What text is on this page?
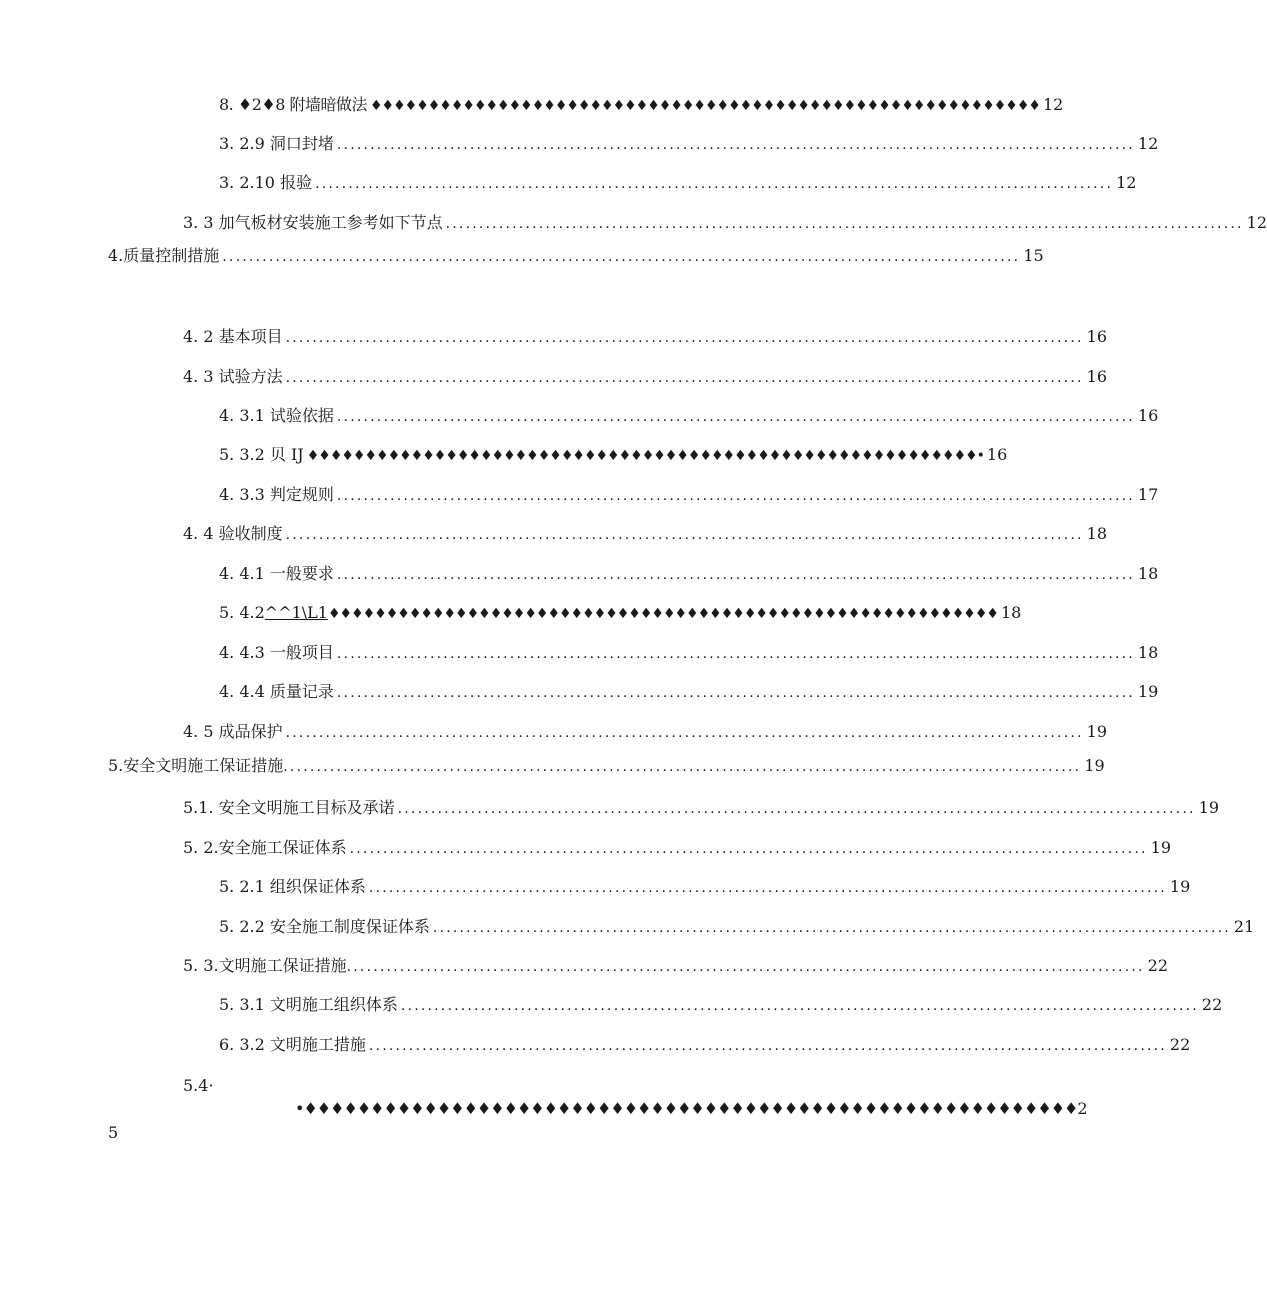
8. ♦2♦8 附墙暗做法 ♦♦♦♦♦♦♦♦♦♦♦♦♦♦♦♦♦♦♦♦♦♦♦♦♦♦♦♦♦♦♦♦♦♦♦♦♦♦♦♦♦♦♦♦♦♦♦♦♦♦♦♦♦♦♦♦♦♦ 12
3. 2.9 洞口封堵 ........................................................................................................................ 12
3. 2.10 报验 ........................................................................................................................ 12
3. 3 加气板材安装施工参考如下节点 ........................................................................................................................ 12
4.质量控制措施 ........................................................................................................................ 15
4. 2 基本项目 ........................................................................................................................ 16
4. 3 试验方法 ........................................................................................................................ 16
4. 3.1 试验依据 ........................................................................................................................ 16
5. 3.2 贝 IJ ♦♦♦♦♦♦♦♦♦♦♦♦♦♦♦♦♦♦♦♦♦♦♦♦♦♦♦♦♦♦♦♦♦♦♦♦♦♦♦♦♦♦♦♦♦♦♦♦♦♦♦♦♦♦♦♦♦♦• 16
4. 3.3 判定规则 ........................................................................................................................ 17
4. 4 验收制度 ........................................................................................................................ 18
4. 4.1 一般要求 ........................................................................................................................ 18
5. 4.2 ^^1\L1 ♦♦♦♦♦♦♦♦♦♦♦♦♦♦♦♦♦♦♦♦♦♦♦♦♦♦♦♦♦♦♦♦♦♦♦♦♦♦♦♦♦♦♦♦♦♦♦♦♦♦♦♦♦♦♦♦♦♦ 18
4. 4.3 一般项目 ........................................................................................................................ 18
4. 4.4 质量记录 ........................................................................................................................ 19
4. 5 成品保护 ........................................................................................................................ 19
5.安全文明施工保证措施 ........................................................................................................................ 19
5.1. 安全文明施工目标及承诺 ........................................................................................................................ 19
5. 2.安全施工保证体系 ........................................................................................................................ 19
5. 2.1 组织保证体系 ........................................................................................................................ 19
5. 2.2 安全施工制度保证体系 ........................................................................................................................ 21
5. 3.文明施工保证措施 ........................................................................................................................ 22
5. 3.1 文明施工组织体系 ........................................................................................................................ 22
6. 3.2 文明施工措施 ........................................................................................................................ 22
5.4·
•♦♦♦♦♦♦♦♦♦♦♦♦♦♦♦♦♦♦♦♦♦♦♦♦♦♦♦♦♦♦♦♦♦♦♦♦♦♦♦♦♦♦♦♦♦♦♦♦♦♦♦♦♦♦♦♦♦♦2
5
